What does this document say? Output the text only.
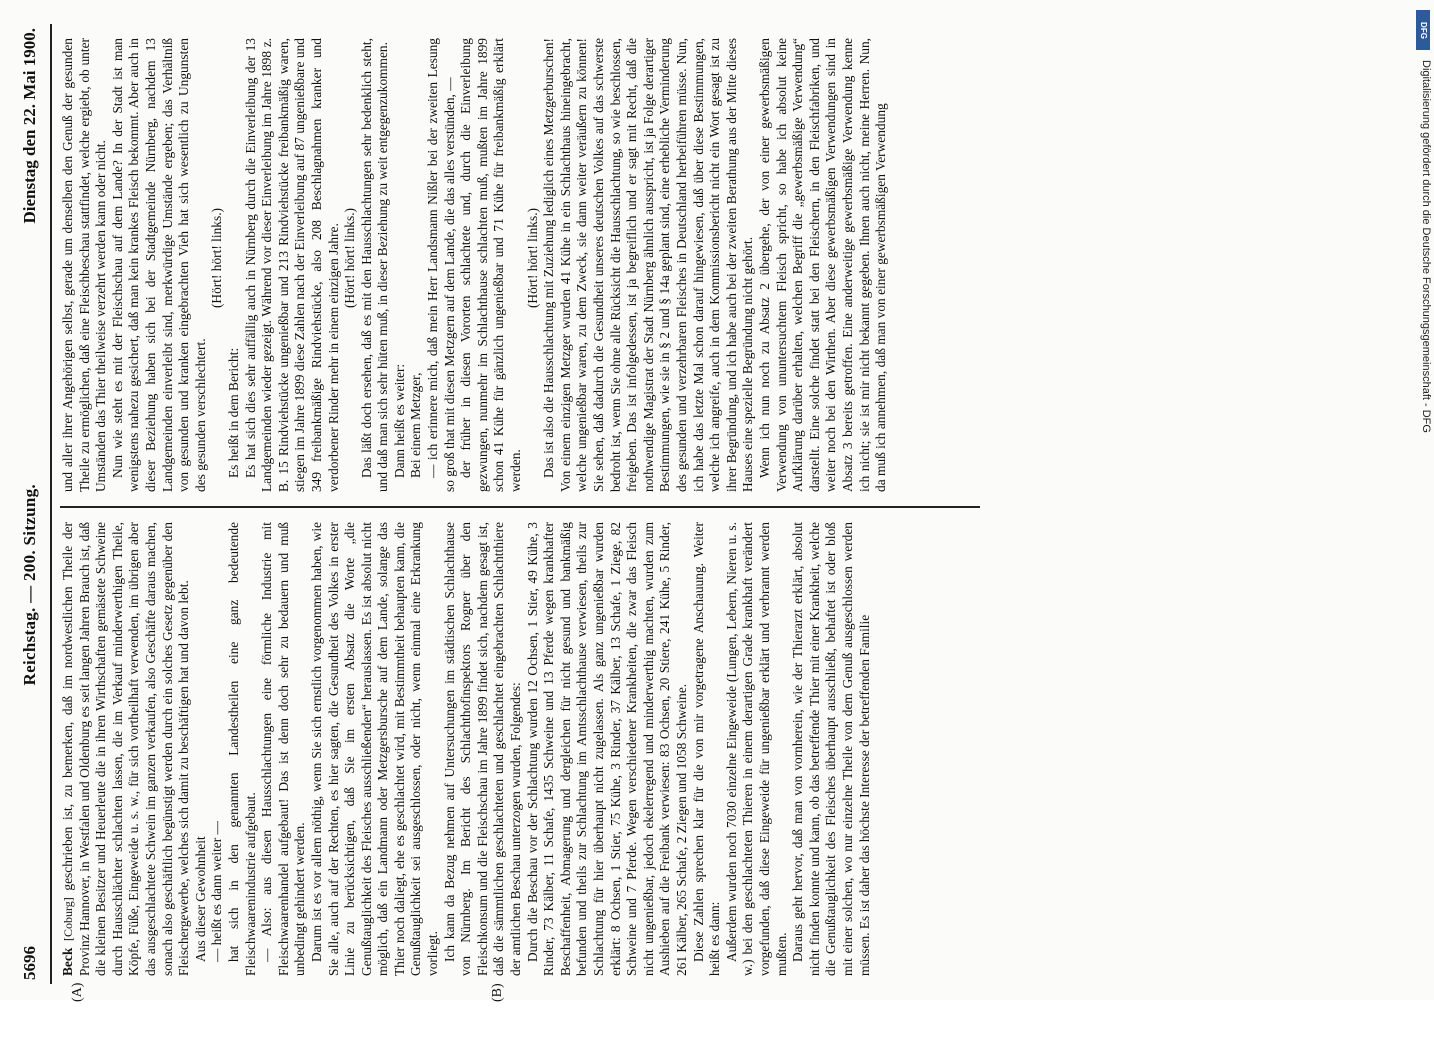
5696
Reichstag. — 200. Sitzung.
Dienstag den 22. Mai 1900.

Beck [Coburg] geschrieben ist, zu bemerken, daß im nordwestlichen Theile der Provinz Hannover, in Westfalen und Oldenburg es seit langen Jahren Brauch ist, daß die kleinen Besitzer und Heuerleute die in ihren Wirthschaften gemästete Schweine durch Hausschlächter schlachten lassen, die im Verkauf minderwerthigen Theile, Köpfe, Füße, Eingeweide u. s. w., für sich vortheilhaft verwenden, im übrigen aber das ausgeschlachtete Schwein im ganzen verkaufen, also Geschäfte daraus machen, sonach also geschäftlich begünstigt werden durch ein solches Gesetz gegenüber den Fleischergewerbe, welches sich damit zu beschäftigen hat und davon lebt. Aus dieser Gewohnheit — heißt es dann weiter — hat sich in den genannten Landestheilen eine ganz bedeutende Fleischwaarenindustrie aufgebaut. — Also: aus diesen Hausschlachtungen eine förmliche Industrie mit Fleischwaarenhandel aufgebaut! Das ist denn doch sehr zu bedauern und muß unbedingt gehindert werden. Darum ist es vor allem nöthig, wenn Sie sich ernstlich vorgenommen haben, wie Sie alle, auch auf der Rechten, es hier sagten, die Gesundheit des Volkes in erster Linie zu berücksichtigen, daß Sie im ersten Absatz die Worte „die Genußtauglichkeit des Fleisches ausschließenden“ herauslassen. Es ist absolut nicht möglich, daß ein Landmann oder Metzgersbursche auf dem Lande, solange das Thier noch daliegt, ehe es geschlachtet wird, mit Bestimmtheit behaupten kann, die Genußtauglichkeit sei ausgeschlossen, oder nicht, wenn einmal eine Erkrankung vorliegt. Ich kann da Bezug nehmen auf Untersuchungen im städtischen Schlachthause von Nürnberg. Im Bericht des Schlachthofinspektors Rogner über den Fleischkonsum und die Fleischschau im Jahre 1899 findet sich, nachdem gesagt ist, daß die sämmtlichen geschlachteten und geschlachtet eingebrachten Schlachtthiere der amtlichen Beschau unterzogen wurden, Folgendes: Durch die Beschau vor der Schlachtung wurden 12 Ochsen, 1 Stier, 49 Kühe, 3 Rinder, 73 Kälber, 11 Schafe, 1435 Schweine und 13 Pferde wegen krankhafter Beschaffenheit, Abmagerung und dergleichen für nicht gesund und bankmäßig befunden und theils zur Schlachtung im Amtsschlachthause verwiesen, theils zur Schlachtung für hier überhaupt nicht zugelassen. Als ganz ungenießbar wurden erklärt: 8 Ochsen, 1 Stier, 75 Kühe, 3 Rinder, 37 Kälber, 13 Schafe, 1 Ziege, 82 Schweine und 7 Pferde. Wegen verschiedener Krankheiten, die zwar das Fleisch nicht ungenießbar, jedoch ekelerregend und minderwerthig machten, wurden zum Aushieben auf die Freibank verwiesen: 83 Ochsen, 20 Stiere, 241 Kühe, 5 Rinder, 261 Kälber, 265 Schafe, 2 Ziegen und 1058 Schweine. Diese Zahlen sprechen klar für die von mir vorgetragene Anschauung. Weiter heißt es dann: Außerdem wurden noch 7030 einzelne Eingeweide (Lungen, Lebern, Nieren u. s. w.) bei den geschlachteten Thieren in einem derartigen Grade krankhaft verändert vorgefunden, daß diese Eingeweide für ungenießbar erklärt und verbrannt werden mußten. Daraus geht hervor, daß man von vornherein, wie der Thierarzt erklärt, absolut nicht finden konnte und kann, ob das betreffende Thier mit einer Krankheit, welche die Genußtauglichkeit des Fleisches überhaupt ausschließt, behaftet ist oder bloß mit einer solchen, wo nur einzelne Theile von dem Genuß ausgeschlossen werden müssen. Es ist daher das höchste Interesse der betreffenden Familie

und aller ihrer Angehörigen selbst, gerade um denselben den Genuß der gesunden Theile zu ermöglichen, daß eine Fleischbeschau stattfindet, welche ergiebt, ob unter Umständen das Thier theilweise verzehrt werden kann oder nicht. Nun wie steht es mit der Fleischschau auf dem Lande? In der Stadt ist man wenigstens nahezu gesichert, daß man kein krankes Fleisch bekommt. Aber auch in dieser Beziehung haben sich bei der Stadtgemeinde Nürnberg, nachdem 13 Landgemeinden einverleibt sind, merkwürdige Umstände ergeben; das Verhältniß von gesunden und kranken eingebrachten Vieh hat sich wesentlich zu Ungunsten des gesunden verschlechtert.

(Hört! hört! links.)

Es heißt in dem Bericht: Es hat sich dies sehr auffällig auch in Nürnberg durch die Einverleibung der 13 Landgemeinden wieder gezeigt. Während vor dieser Einverleibung im Jahre 1898 z. B. 15 Rindviehstücke ungenießbar und 213 Rindviehstücke freibankmäßig waren, stiegen im Jahre 1899 diese Zahlen nach der Einverleibung auf 87 ungenießbare und 349 freibankmäßige Rindviehstücke, also 208 Beschlagnahmen kranker und verdorbener Rinder mehr in einem einzigen Jahre. (Hört! hört! links.) Das läßt doch ersehen, daß es mit den Hausschlachtungen sehr bedenklich steht, und daß man sich sehr hüten muß, in dieser Beziehung zu weit entgegenzukommen. Dann heißt es weiter: Bei einem Metzger, — ich erinnere mich, daß mein Herr Landsmann Nißler bei der zweiten Lesung so groß that mit diesen Metzgern auf dem Lande, die das alles verstünden, — der früher in diesen Vororten schlachtete und, durch die Einverleibung gezwungen, nunmehr im Schlachthause schlachten muß, mußten im Jahre 1899 schon 41 Kühe für gänzlich ungenießbar und 71 Kühe für freibankmäßig erklärt werden.

(Hört! hört! links.) Das ist also die Hausschlachtung mit Zuziehung lediglich eines Metzgerburschen! Von einem einzigen Metzger wurden 41 Kühe in ein Schlachthaus hineingebracht, welche ungenießbar waren, zu dem Zweck, sie dann weiter veräußern zu können! Sie sehen, daß dadurch die Gesundheit unseres deutschen Volkes auf das schwerste bedroht ist, wenn Sie ohne alle Rücksicht die Hausschlachtung, so wie beschlossen, freigeben. Das ist infolgedessen, ist ja begreiflich und er sagt mit Recht, daß die nothwendige Magistrat der Stadt Nürnberg ähnlich ausspricht, ist ja Folge derartiger Bestimmungen, wie sie in § 2 und § 14a geplant sind, eine erhebliche Verminderung des gesunden und verzehrbaren Fleisches in Deutschland herbeiführen müsse. Nun, ich habe das letzte Mal schon darauf hingewiesen, daß über diese Bestimmungen, welche ich angreife, auch in dem Kommissionsbericht nicht ein Wort gesagt ist zu ihrer Begründung, und ich habe auch bei der zweiten Berathung aus der Mitte dieses Hauses eine spezielle Begründung nicht gehört. Wenn ich nun noch zu Absatz 2 übergehe, der von einer gewerbsmäßigen Verwendung von ununtersuchtem Fleisch spricht, so habe ich absolut keine Aufklärung darüber erhalten, welchen Begriff die „gewerbsmäßige Verwendung“ darstellt. Eine solche findet statt bei den Fleischern, in den Fleischfabriken, und weiter noch bei den Wirthen. Aber diese gewerbsmäßigen Verwendungen sind in Absatz 3 bereits getroffen. Eine anderweitige gewerbsmäßige Verwendung kenne ich nicht; sie ist mir nicht bekannt gegeben. Ihnen auch nicht, meine Herren. Nun, da muß ich annehmen, daß man von einer gewerbsmäßigen Verwendung

(A)	(B)
DFG
Digitalisierung gefördert durch die Deutsche Forschungsgemeinschaft - DFG
